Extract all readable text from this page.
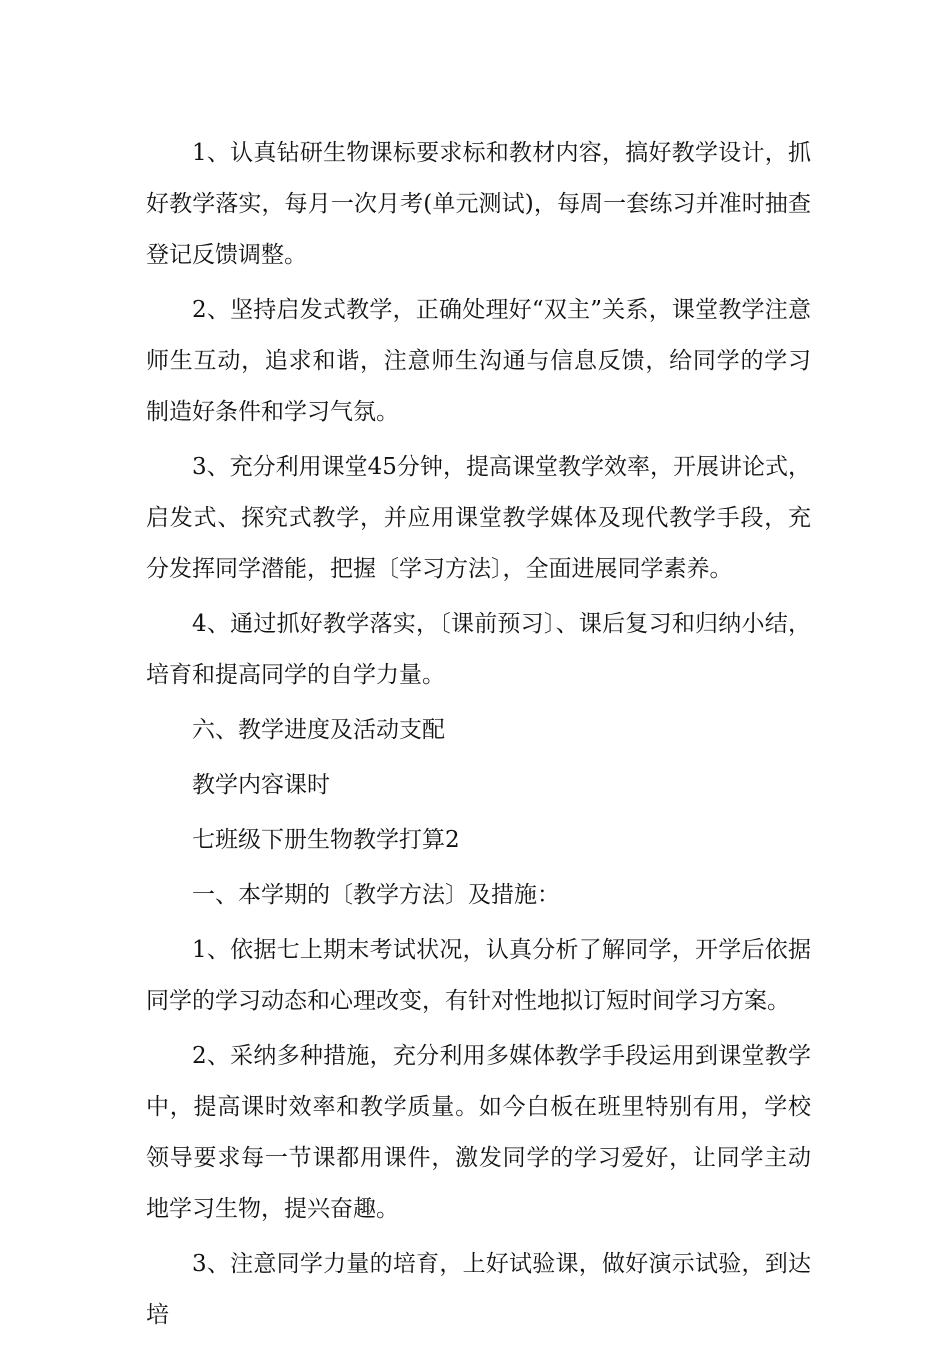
1、认真钻研生物课标要求标和教材内容，搞好教学设计，抓好教学落实，每月一次月考(单元测试)，每周一套练习并准时抽查登记反馈调整。

2、坚持启发式教学，正确处理好“双主”关系，课堂教学注意师生互动，追求和谐，注意师生沟通与信息反馈，给同学的学习制造好条件和学习气氛。

3、充分利用课堂45分钟，提高课堂教学效率，开展讲论式，启发式、探究式教学，并应用课堂教学媒体及现代教学手段，充分发挥同学潜能，把握〔学习方法〕，全面进展同学素养。

4、通过抓好教学落实，〔课前预习〕、课后复习和归纳小结，培育和提高同学的自学力量。

六、教学进度及活动支配

教学内容课时

七班级下册生物教学打算2

一、本学期的〔教学方法〕及措施：

1、依据七上期末考试状况，认真分析了解同学，开学后依据同学的学习动态和心理改变，有针对性地拟订短时间学习方案。

2、采纳多种措施，充分利用多媒体教学手段运用到课堂教学中，提高课时效率和教学质量。如今白板在班里特别有用，学校领导要求每一节课都用课件，激发同学的学习爱好，让同学主动地学习生物，提兴奋趣。

3、注意同学力量的培育，上好试验课，做好演示试验，到达培
